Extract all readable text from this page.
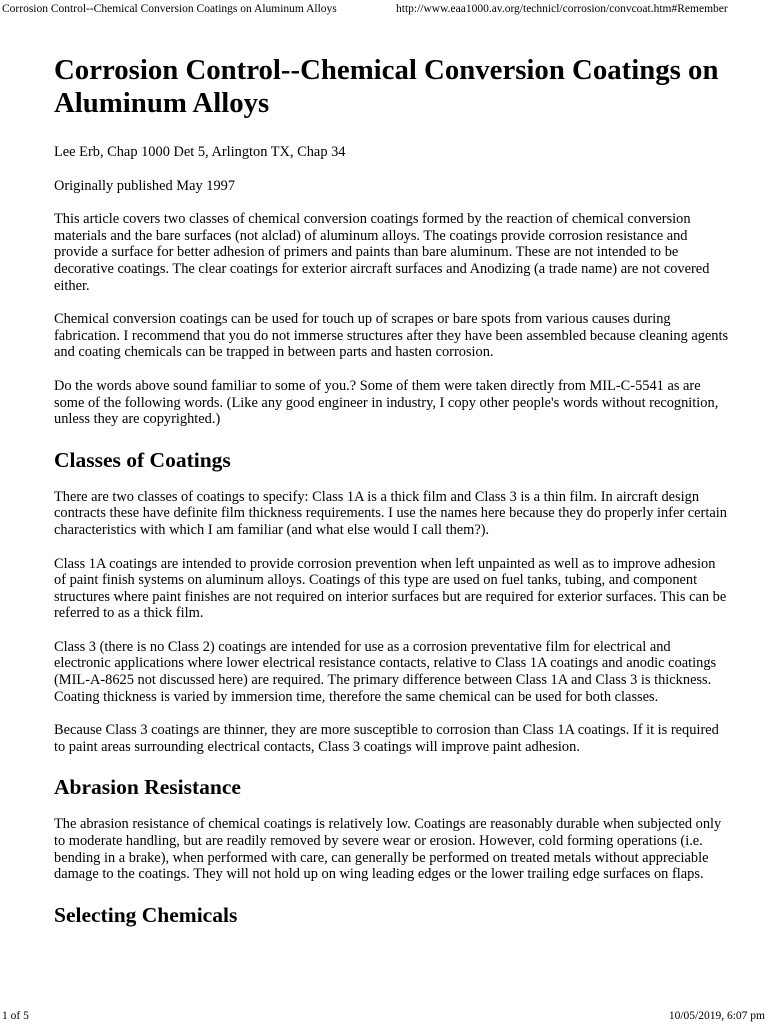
Corrosion Control--Chemical Conversion Coatings on Aluminum Alloys	http://www.eaa1000.av.org/technicl/corrosion/convcoat.htm#Remember
Corrosion Control--Chemical Conversion Coatings on Aluminum Alloys

Lee Erb, Chap 1000 Det 5, Arlington TX, Chap 34

Originally published May 1997

This article covers two classes of chemical conversion coatings formed by the reaction of chemical conversion materials and the bare surfaces (not alclad) of aluminum alloys. The coatings provide corrosion resistance and provide a surface for better adhesion of primers and paints than bare aluminum. These are not intended to be decorative coatings. The clear coatings for exterior aircraft surfaces and Anodizing (a trade name) are not covered either.

Chemical conversion coatings can be used for touch up of scrapes or bare spots from various causes during fabrication. I recommend that you do not immerse structures after they have been assembled because cleaning agents and coating chemicals can be trapped in between parts and hasten corrosion.

Do the words above sound familiar to some of you.? Some of them were taken directly from MIL-C-5541 as are some of the following words. (Like any good engineer in industry, I copy other people's words without recognition, unless they are copyrighted.)

Classes of Coatings

There are two classes of coatings to specify: Class 1A is a thick film and Class 3 is a thin film. In aircraft design contracts these have definite film thickness requirements. I use the names here because they do properly infer certain characteristics with which I am familiar (and what else would I call them?).

Class 1A coatings are intended to provide corrosion prevention when left unpainted as well as to improve adhesion of paint finish systems on aluminum alloys. Coatings of this type are used on fuel tanks, tubing, and component structures where paint finishes are not required on interior surfaces but are required for exterior surfaces. This can be referred to as a thick film.

Class 3 (there is no Class 2) coatings are intended for use as a corrosion preventative film for electrical and electronic applications where lower electrical resistance contacts, relative to Class 1A coatings and anodic coatings (MIL-A-8625 not discussed here) are required. The primary difference between Class 1A and Class 3 is thickness. Coating thickness is varied by immersion time, therefore the same chemical can be used for both classes.

Because Class 3 coatings are thinner, they are more susceptible to corrosion than Class 1A coatings. If it is required to paint areas surrounding electrical contacts, Class 3 coatings will improve paint adhesion.

Abrasion Resistance

The abrasion resistance of chemical coatings is relatively low. Coatings are reasonably durable when subjected only to moderate handling, but are readily removed by severe wear or erosion. However, cold forming operations (i.e. bending in a brake), when performed with care, can generally be performed on treated metals without appreciable damage to the coatings. They will not hold up on wing leading edges or the lower trailing edge surfaces on flaps.

Selecting Chemicals
1 of 5	10/05/2019, 6:07 pm
